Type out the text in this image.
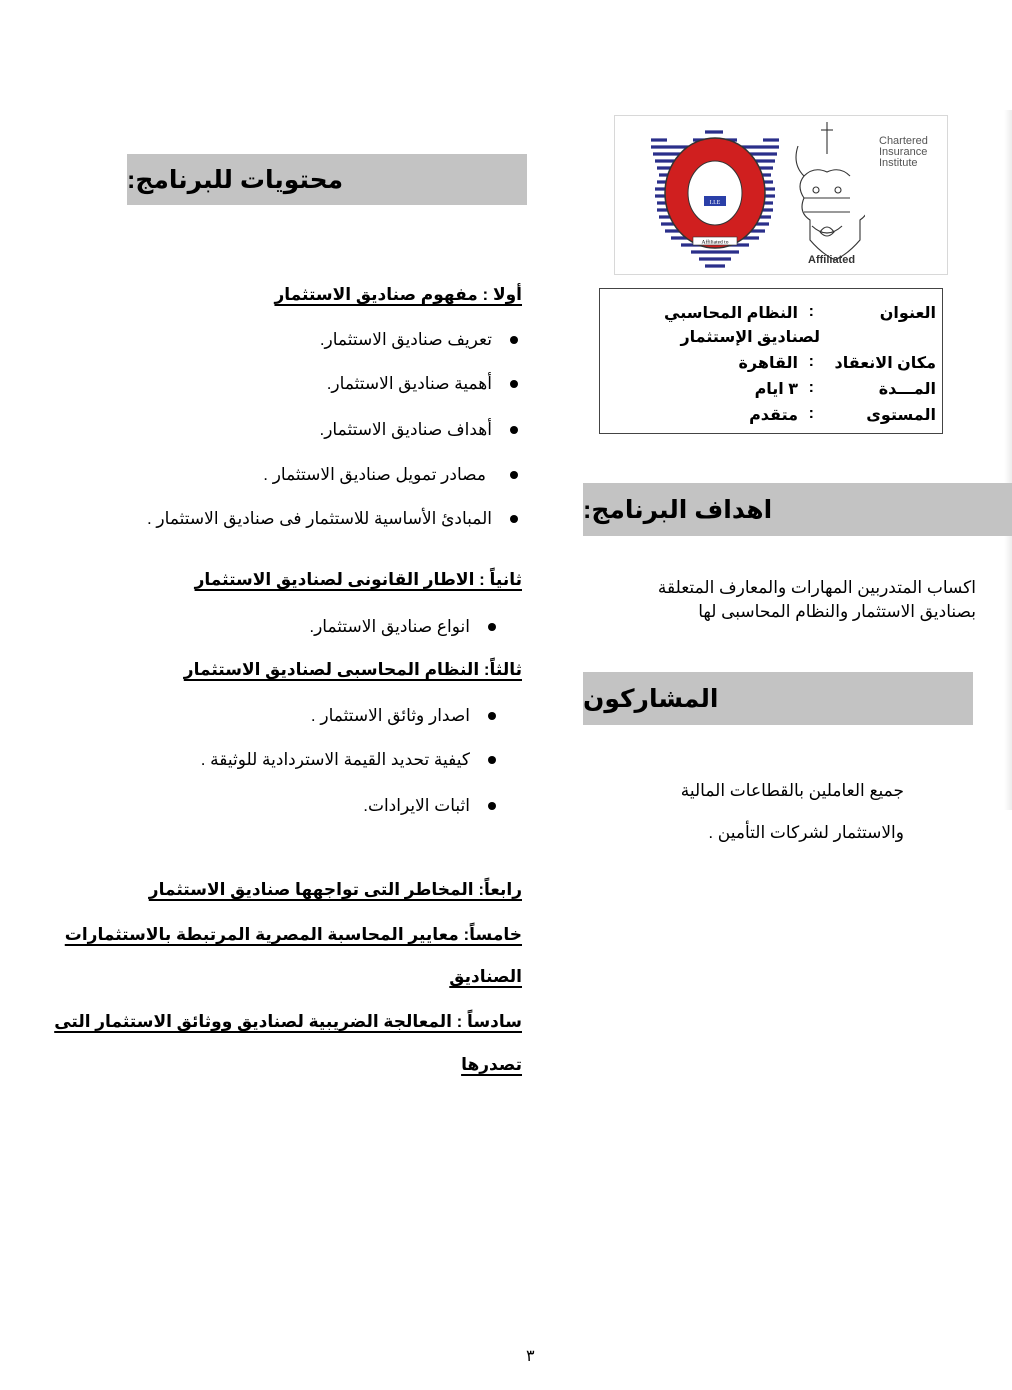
I.I.E
Affiliated to
Chartered
Insurance
Institute
Affiliated
العنوان
:
النظام المحاسبي
لصناديق الإستثمار
مكان الانعقاد
:
القاهرة
المـــدة
:
٣ ايام
المستوى
:
متقدم
محتويات للبرنامج:
أولا : مفهوم صناديق الاستثمار
تعريف صناديق الاستثمار.
أهمية صناديق الاستثمار.
أهداف صناديق الاستثمار.
مصادر تمويل صناديق الاستثمار .
المبادئ الأساسية للاستثمار فى صناديق الاستثمار .
ثانياً : الاطار القانونى لصناديق الاستثمار
انواع صناديق الاستثمار.
ثالثاً: النظام المحاسبى لصناديق الاستثمار
اصدار وثائق الاستثمار .
كيفية تحديد القيمة الاستردادية للوثيقة .
اثبات الايرادات.
رابعاً: المخاطر التى تواجهها صناديق الاستثمار
خامساً: معايير المحاسبة المصرية المرتبطة بالاستثمارات
الصناديق
سادساً : المعالجة الضريبية لصناديق ووثائق الاستثمار التى
تصدرها
اهداف البرنامج:
اكساب المتدربين المهارات والمعارف المتعلقة
بصناديق الاستثمار والنظام المحاسبى لها
المشاركون
جميع العاملين بالقطاعات المالية
والاستثمار لشركات التأمين .
٣
